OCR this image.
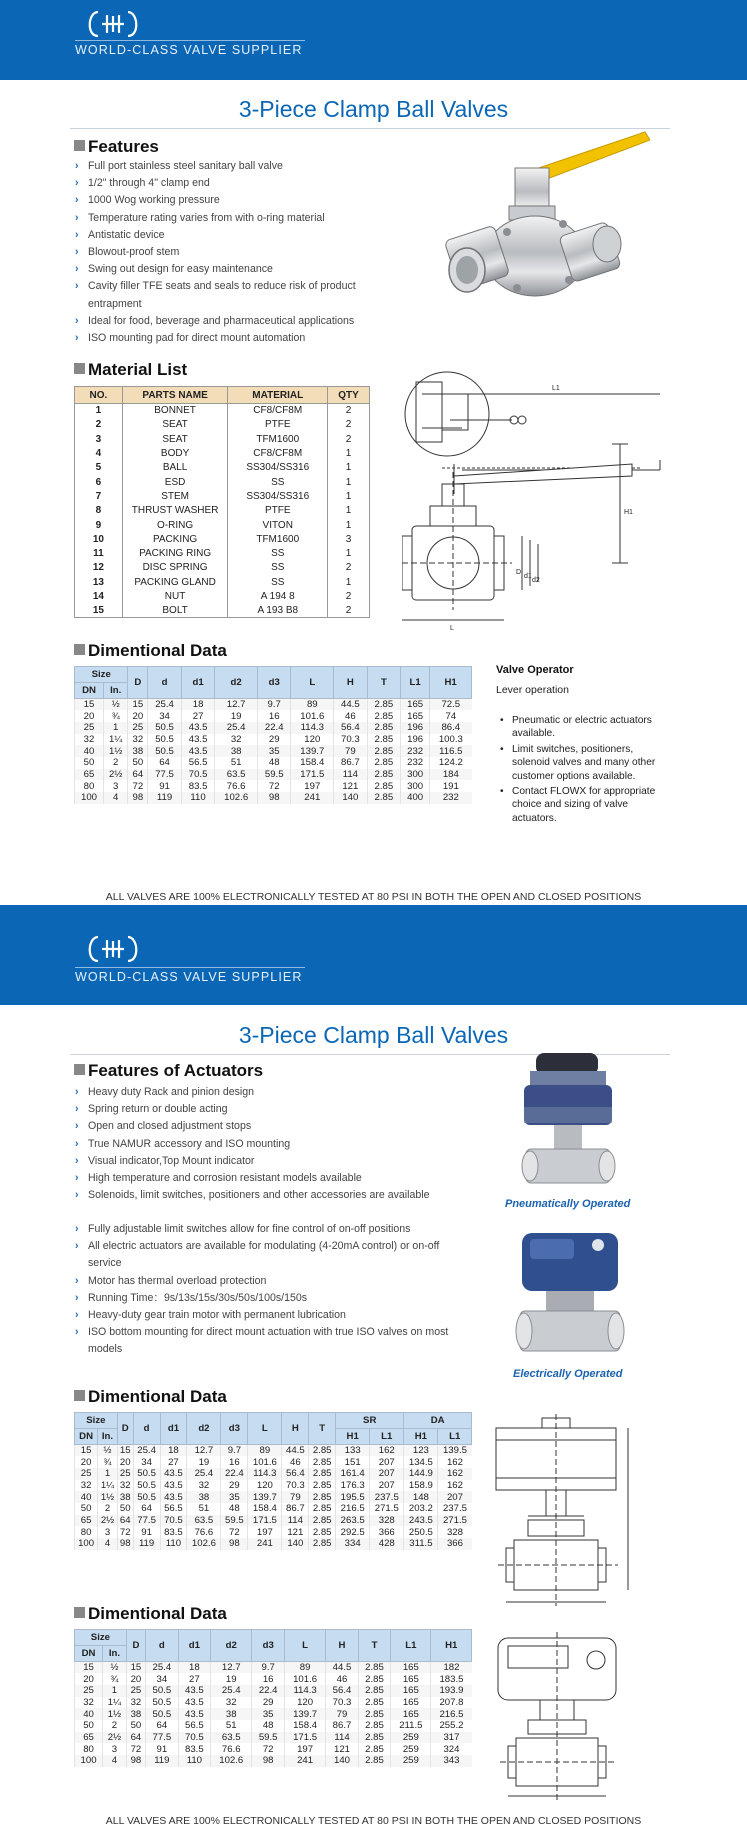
WORLD-CLASS VALVE SUPPLIER
3-Piece Clamp Ball Valves
Features
› Full port stainless steel sanitary ball valve
› 1/2" through 4" clamp end
› 1000 Wog working pressure
› Temperature rating varies from with o-ring material
› Antistatic device
› Blowout-proof stem
› Swing out design for easy maintenance
› Cavity filler TFE seats and seals to reduce risk of product
entrapment
› Ideal for food, beverage and pharmaceutical applications
› ISO mounting pad for direct mount automation
Material List
NO.	PARTS NAME	MATERIAL	QTY
1	BONNET	CF8/CF8M	2
2	SEAT	PTFE	2
3	SEAT	TFM1600	2
4	BODY	CF8/CF8M	1
5	BALL	SS304/SS316	1
6	ESD	SS	1
7	STEM	SS304/SS316	1
8	THRUST WASHER	PTFE	1
9	O-RING	VITON	1
10	PACKING	TFM1600	3
11	PACKING RING	SS	1
12	DISC SPRING	SS	2
13	PACKING GLAND	SS	1
14	NUT	A 194 8	2
15	BOLT	A 193 B8	2
L1
H1
L
D
d1
d2
Dimentional Data
Size		D	d	d1	d2	d3	L	H	T	L1	H1
DN	In.										
15	½	15	25.4	18	12.7	9.7	89	44.5	2.85	165	72.5
20	¾	20	34	27	19	16	101.6	46	2.85	165	74
25	1	25	50.5	43.5	25.4	22.4	114.3	56.4	2.85	196	86.4
32	1¼	32	50.5	43.5	32	29	120	70.3	2.85	196	100.3
40	1½	38	50.5	43.5	38	35	139.7	79	2.85	232	116.5
50	2	50	64	56.5	51	48	158.4	86.7	2.85	232	124.2
65	2½	64	77.5	70.5	63.5	59.5	171.5	114	2.85	300	184
80	3	72	91	83.5	76.6	72	197	121	2.85	300	191
100	4	98	119	110	102.6	98	241	140	2.85	400	232
Valve Operator
Lever operation
• Pneumatic or electric actuators available.
• Limit switches, positioners, solenoid valves and many other customer options available.
• Contact FLOWX for appropriate choice and sizing of valve actuators.
ALL VALVES ARE 100% ELECTRONICALLY TESTED AT 80 PSI IN BOTH THE OPEN AND CLOSED POSITIONS
WORLD-CLASS VALVE SUPPLIER
3-Piece Clamp Ball Valves
Features of Actuators
› Heavy duty Rack and pinion design
› Spring return or double acting
› Open and closed adjustment stops
› True NAMUR accessory and ISO mounting
› Visual indicator,Top Mount indicator
› High temperature and corrosion resistant models available
› Solenoids, limit switches, positioners and other accessories are available
› Fully adjustable limit switches allow for fine control of on-off positions
› All electric actuators are available for modulating (4-20mA control) or on-off
service
› Motor has thermal overload protection
› Running Time：9s/13s/15s/30s/50s/100s/150s
› Heavy-duty gear train motor with permanent lubrication
› ISO bottom mounting for direct mount actuation with true ISO valves on most
models
Pneumatically Operated
Electrically Operated
Dimentional Data
Size		D	d	d1	d2	d3	L	H	T	SR		DA	
DN	In.									H1	L1	H1	L1
15	½	15	25.4	18	12.7	9.7	89	44.5	2.85	133	162	123	139.5
20	¾	20	34	27	19	16	101.6	46	2.85	151	207	134.5	162
25	1	25	50.5	43.5	25.4	22.4	114.3	56.4	2.85	161.4	207	144.9	162
32	1¼	32	50.5	43.5	32	29	120	70.3	2.85	176.3	207	158.9	162
40	1½	38	50.5	43.5	38	35	139.7	79	2.85	195.5	237.5	148	207
50	2	50	64	56.5	51	48	158.4	86.7	2.85	216.5	271.5	203.2	237.5
65	2½	64	77.5	70.5	63.5	59.5	171.5	114	2.85	263.5	328	243.5	271.5
80	3	72	91	83.5	76.6	72	197	121	2.85	292.5	366	250.5	328
100	4	98	119	110	102.6	98	241	140	2.85	334	428	311.5	366
Dimentional Data
Size		D	d	d1	d2	d3	L	H	T	L1	H1
DN	In.										
15	½	15	25.4	18	12.7	9.7	89	44.5	2.85	165	182
20	¾	20	34	27	19	16	101.6	46	2.85	165	183.5
25	1	25	50.5	43.5	25.4	22.4	114.3	56.4	2.85	165	193.9
32	1¼	32	50.5	43.5	32	29	120	70.3	2.85	165	207.8
40	1½	38	50.5	43.5	38	35	139.7	79	2.85	165	216.5
50	2	50	64	56.5	51	48	158.4	86.7	2.85	211.5	255.2
65	2½	64	77.5	70.5	63.5	59.5	171.5	114	2.85	259	317
80	3	72	91	83.5	76.6	72	197	121	2.85	259	324
100	4	98	119	110	102.6	98	241	140	2.85	259	343
ALL VALVES ARE 100% ELECTRONICALLY TESTED AT 80 PSI IN BOTH THE OPEN AND CLOSED POSITIONS
